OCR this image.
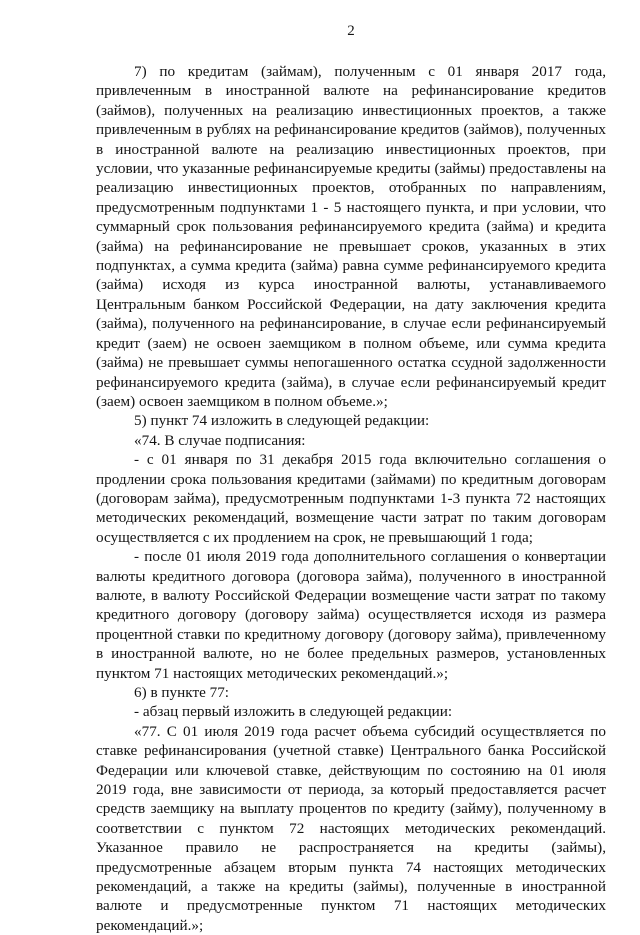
2

7) по кредитам (займам), полученным с 01 января 2017 года, привлеченным в иностранной валюте на рефинансирование кредитов (займов), полученных на реализацию инвестиционных проектов, а также привлеченным в рублях на рефинансирование кредитов (займов), полученных в иностранной валюте на реализацию инвестиционных проектов, при условии, что указанные рефинансируемые кредиты (займы) предоставлены на реализацию инвестиционных проектов, отобранных по направлениям, предусмотренным подпунктами 1 - 5 настоящего пункта, и при условии, что суммарный срок пользования рефинансируемого кредита (займа) и кредита (займа) на рефинансирование не превышает сроков, указанных в этих подпунктах, а сумма кредита (займа) равна сумме рефинансируемого кредита (займа) исходя из курса иностранной валюты, устанавливаемого Центральным банком Российской Федерации, на дату заключения кредита (займа), полученного на рефинансирование, в случае если рефинансируемый кредит (заем) не освоен заемщиком в полном объеме, или сумма кредита (займа) не превышает суммы непогашенного остатка ссудной задолженности рефинансируемого кредита (займа), в случае если рефинансируемый кредит (заем) освоен заемщиком в полном объеме.»;

5) пункт 74 изложить в следующей редакции:

«74. В случае подписания:

- с 01 января по 31 декабря 2015 года включительно соглашения о продлении срока пользования кредитами (займами) по кредитным договорам (договорам займа), предусмотренным подпунктами 1-3 пункта 72 настоящих методических рекомендаций, возмещение части затрат по таким договорам осуществляется с их продлением на срок, не превышающий 1 года;

- после 01 июля 2019 года дополнительного соглашения о конвертации валюты кредитного договора (договора займа), полученного в иностранной валюте, в валюту Российской Федерации возмещение части затрат по такому кредитного договору (договору займа) осуществляется исходя из размера процентной ставки по кредитному договору (договору займа), привлеченному в иностранной валюте, но не более предельных размеров, установленных пунктом 71 настоящих методических рекомендаций.»;

6) в пункте 77:

- абзац первый изложить в следующей редакции:

«77. С 01 июля 2019 года расчет объема субсидий осуществляется по ставке рефинансирования (учетной ставке) Центрального банка Российской Федерации или ключевой ставке, действующим по состоянию на 01 июля 2019 года, вне зависимости от периода, за который предоставляется расчет средств заемщику на выплату процентов по кредиту (займу), полученному в соответствии с пунктом 72 настоящих методических рекомендаций. Указанное правило не распространяется на кредиты (займы), предусмотренные абзацем вторым пункта 74 настоящих методических рекомендаций, а также на кредиты (займы), полученные в иностранной валюте и предусмотренные пунктом 71 настоящих методических рекомендаций.»;
